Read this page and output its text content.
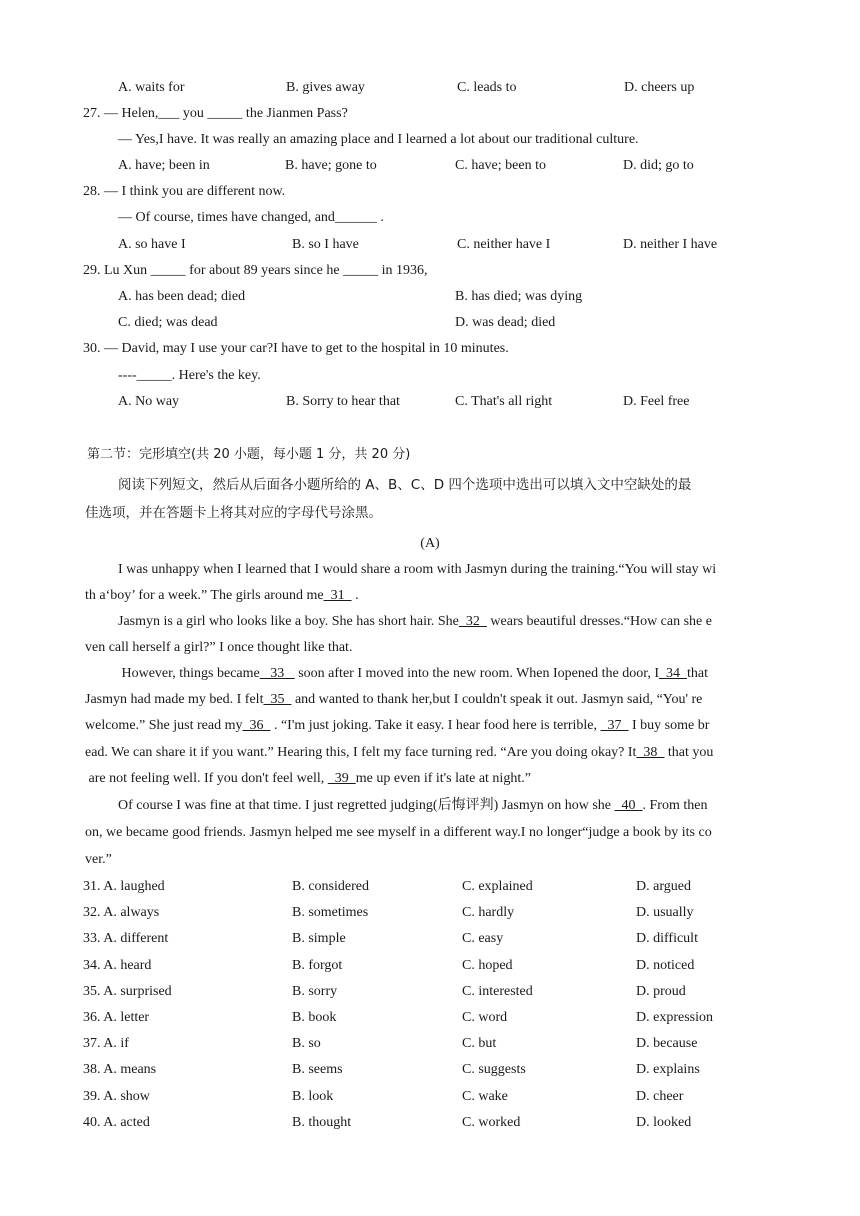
A. waits for	B. gives away	C. leads to	D. cheers up
27. — Helen,___ you _____ the Jianmen Pass?
— Yes,I have. It was really an amazing place and I learned a lot about our traditional culture.
A. have; been in	B. have; gone to	C. have; been to	D. did; go to
28. — I think you are different now.
— Of course, times have changed, and______ .
A. so have I	B. so I have	C. neither have I	D. neither I have
29. Lu Xun _____ for about 89 years since he _____ in 1936,
A. has been dead; died	B. has died; was dying
C. died; was dead	D. was dead; died
30. — David, may I use your car?I have to get to the hospital in 10 minutes.
----_____. Here's the key.
A. No way	B. Sorry to hear that	C. That's all right	D. Feel free
第二节：完形填空(共 20 小题，每小题 1 分，共 20 分)
阅读下列短文，然后从后面各小题所给的 A、B、C、D 四个选项中选出可以填入文中空缺处的最
佳选项，并在答题卡上将其对应的字母代号涂黑。
(A)
I was unhappy when I learned that I would share a room with Jasmyn during the training.“You will stay wi
th a‘boy’ for a week.” The girls around me  31   .
Jasmyn is a girl who looks like a boy. She has short hair. She  32   wears beautiful dresses.“How can she e
ven call herself a girl?” I once thought like that.
However, things became   33    soon after I moved into the new room. When Iopened the door, I  34  that
Jasmyn had made my bed. I felt  35   and wanted to thank her,but I couldn't speak it out. Jasmyn said, “You' re
welcome.” She just read my  36   . “I'm just joking. Take it easy. I hear food here is terrible,   37   I buy some br
ead. We can share it if you want.” Hearing this, I felt my face turning red. “Are you doing okay? It  38   that you
are not feeling well. If you don't feel well,   39  me up even if it's late at night.”
Of course I was fine at that time. I just regretted judging(后悔评判) Jasmyn on how she   40  . From then
on, we became good friends. Jasmyn helped me see myself in a different way.I no longer“judge a book by its co
ver.”
31. A. laughed	B. considered	C. explained	D. argued
32. A. always	B. sometimes	C. hardly	D. usually
33. A. different	B. simple	C. easy	D. difficult
34. A. heard	B. forgot	C. hoped	D. noticed
35. A. surprised	B. sorry	C. interested	D. proud
36. A. letter	B. book	C. word	D. expression
37. A. if	B. so	C. but	D. because
38. A. means	B. seems	C. suggests	D. explains
39. A. show	B. look	C. wake	D. cheer
40. A. acted	B. thought	C. worked	D. looked
